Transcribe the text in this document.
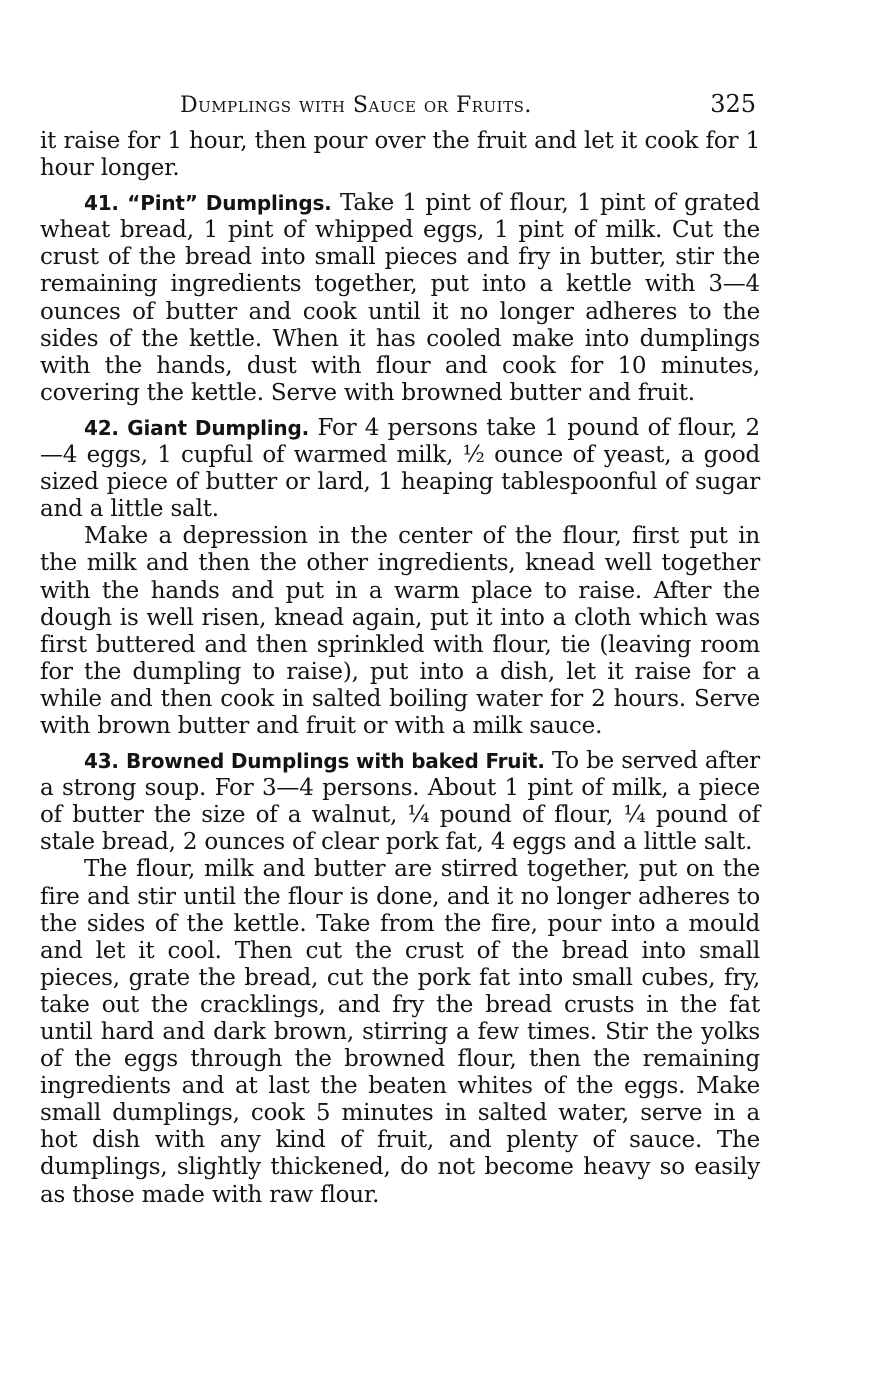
Dumplings with Sauce or Fruits.	325

it raise for 1 hour, then pour over the fruit and let it cook for 1 hour longer.

41. “Pint” Dumplings. Take 1 pint of flour, 1 pint of grated wheat bread, 1 pint of whipped eggs, 1 pint of milk. Cut the crust of the bread into small pieces and fry in butter, stir the remaining ingredients together, put into a kettle with 3—4 ounces of butter and cook until it no longer adheres to the sides of the kettle. When it has cooled make into dumplings with the hands, dust with flour and cook for 10 minutes, covering the kettle. Serve with browned butter and fruit.

42. Giant Dumpling. For 4 persons take 1 pound of flour, 2—4 eggs, 1 cupful of warmed milk, ½ ounce of yeast, a good sized piece of butter or lard, 1 heaping tablespoonful of sugar and a little salt.

Make a depression in the center of the flour, first put in the milk and then the other ingredients, knead well together with the hands and put in a warm place to raise. After the dough is well risen, knead again, put it into a cloth which was first buttered and then sprinkled with flour, tie (leaving room for the dumpling to raise), put into a dish, let it raise for a while and then cook in salted boiling water for 2 hours. Serve with brown butter and fruit or with a milk sauce.

43. Browned Dumplings with baked Fruit. To be served after a strong soup. For 3—4 persons. About 1 pint of milk, a piece of butter the size of a walnut, ¼ pound of flour, ¼ pound of stale bread, 2 ounces of clear pork fat, 4 eggs and a little salt.

The flour, milk and butter are stirred together, put on the fire and stir until the flour is done, and it no longer adheres to the sides of the kettle. Take from the fire, pour into a mould and let it cool. Then cut the crust of the bread into small pieces, grate the bread, cut the pork fat into small cubes, fry, take out the cracklings, and fry the bread crusts in the fat until hard and dark brown, stirring a few times. Stir the yolks of the eggs through the browned flour, then the remaining ingredients and at last the beaten whites of the eggs. Make small dumplings, cook 5 minutes in salted water, serve in a hot dish with any kind of fruit, and plenty of sauce. The dumplings, slightly thickened, do not become heavy so easily as those made with raw flour.
